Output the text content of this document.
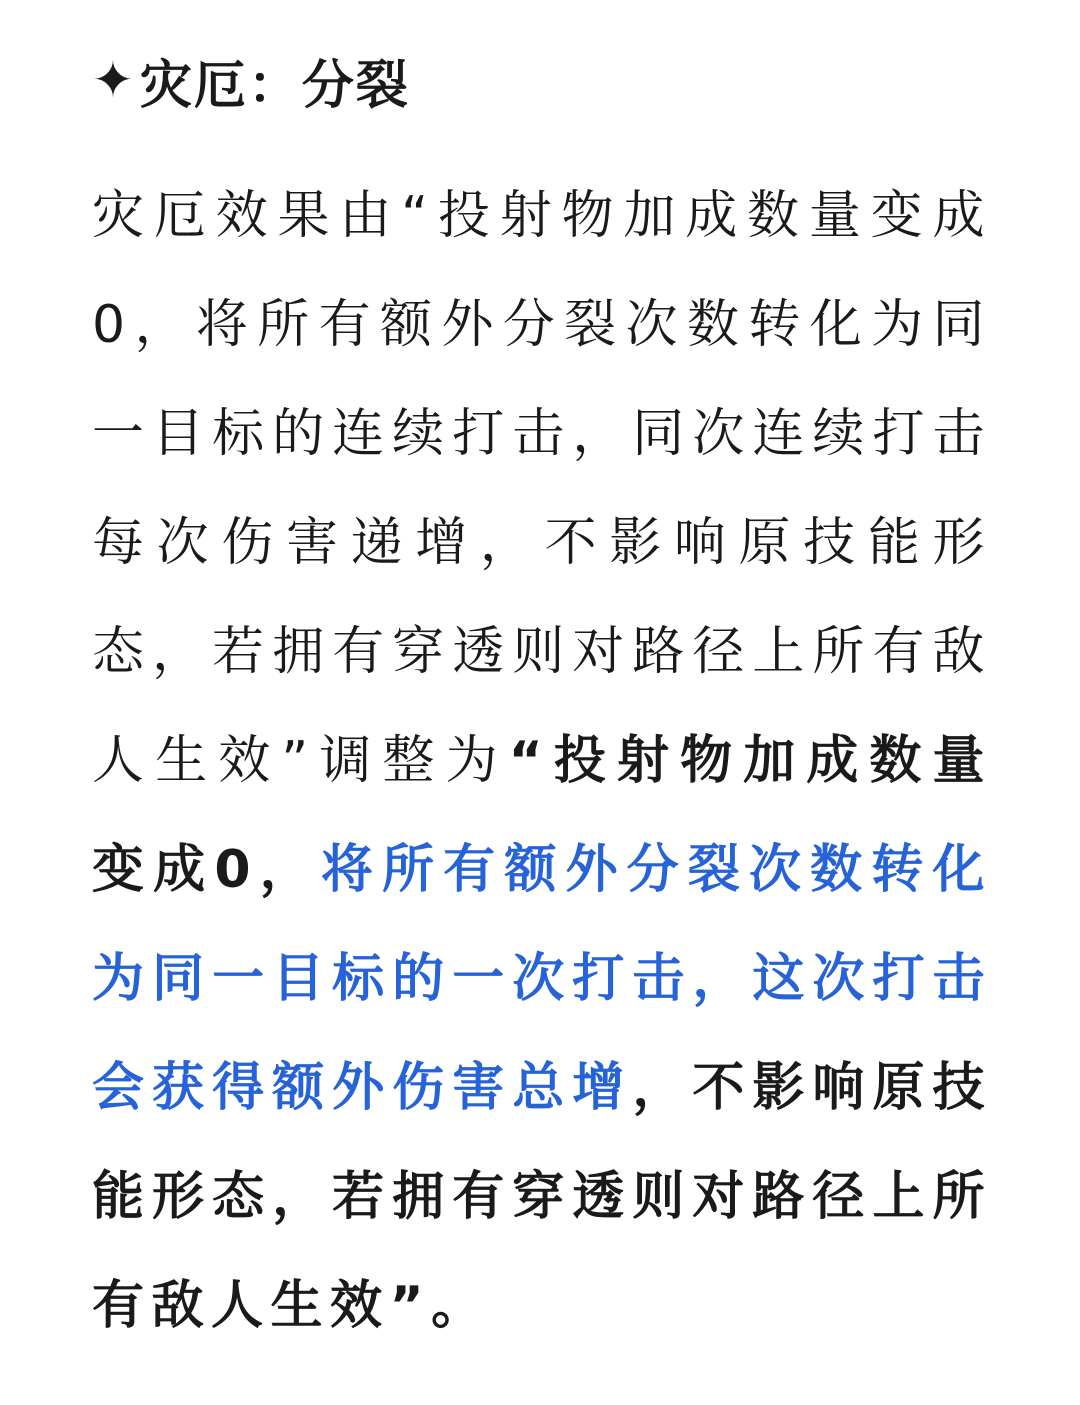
✦ 灾厄：分裂
灾厄效果由“投射物加成数量变成0，将所有额外分裂次数转化为同一目标的连续打击，同次连续打击每次伤害递增，不影响原技能形态，若拥有穿透则对路径上所有敌人生效”调整为“投射物加成数量变成0，将所有额外分裂次数转化为同一目标的一次打击，这次打击会获得额外伤害总增，不影响原技能形态，若拥有穿透则对路径上所有敌人生效”。
